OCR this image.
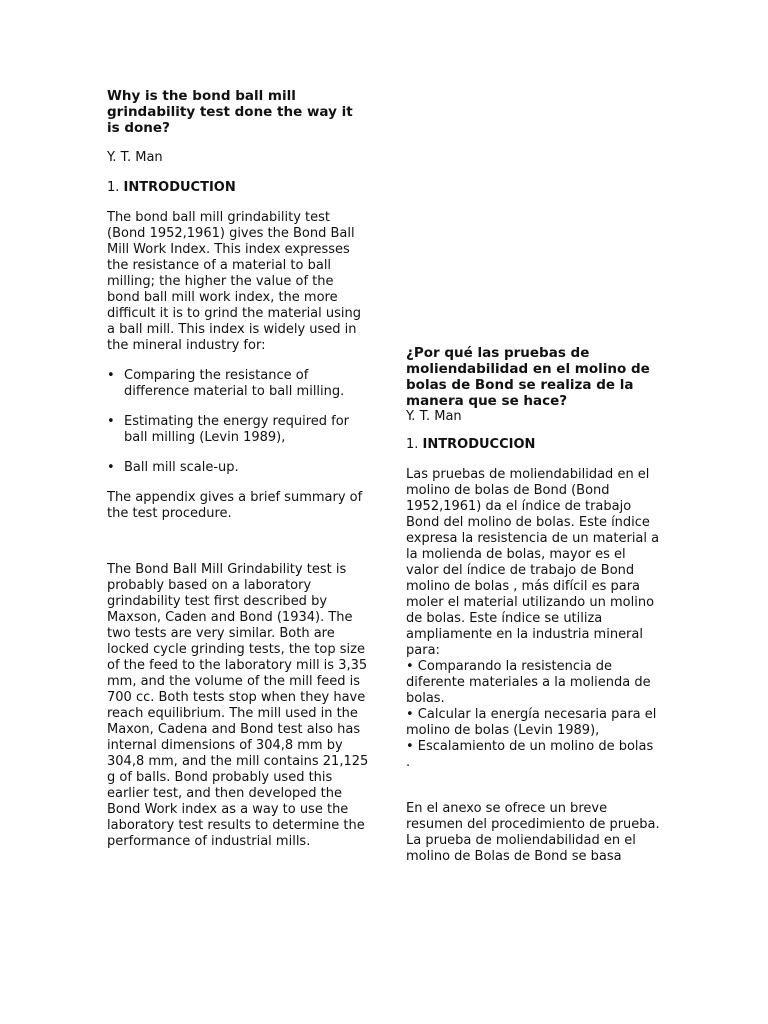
Why is the bond ball mill grindability test done the way it is done?

Y. T. Man

1. INTRODUCTION

The bond ball mill grindability test (Bond 1952,1961) gives the Bond Ball Mill Work Index. This index expresses the resistance of a material to ball milling; the higher the value of the bond ball mill work index, the more difficult it is to grind the material using a ball mill. This index is widely used in the mineral industry for:

• Comparing the resistance of difference material to ball milling.
• Estimating the energy required for ball milling (Levin 1989),
• Ball mill scale-up.

The appendix gives a brief summary of the test procedure.

The Bond Ball Mill Grindability test is probably based on a laboratory grindability test first described by Maxson, Caden and Bond (1934). The two tests are very similar. Both are locked cycle grinding tests, the top size of the feed to the laboratory mill is 3,35 mm, and the volume of the mill feed is 700 cc. Both tests stop when they have reach equilibrium. The mill used in the Maxon, Cadena and Bond test also has internal dimensions of 304,8 mm by 304,8 mm, and the mill contains 21,125 g of balls. Bond probably used this earlier test, and then developed the Bond Work index as a way to use the laboratory test results to determine the performance of industrial mills.

¿Por qué las pruebas de moliendabilidad en el molino de bolas de Bond se realiza de la manera que se hace?

Y. T. Man

1. INTRODUCCION

Las pruebas de moliendabilidad en el molino de bolas de Bond (Bond 1952,1961) da el índice de trabajo Bond del molino de bolas. Este índice expresa la resistencia de un material a la molienda de bolas, mayor es el valor del índice de trabajo de Bond molino de bolas , más difícil es para moler el material utilizando un molino de bolas. Este índice se utiliza ampliamente en la industria mineral para:

• Comparando la resistencia de diferente materiales a la molienda de bolas.

• Calcular la energía necesaria para el molino de bolas (Levin 1989),

• Escalamiento de un molino de bolas .

En el anexo se ofrece un breve resumen del procedimiento de prueba.

La prueba de moliendabilidad en el molino de Bolas de Bond se basa
